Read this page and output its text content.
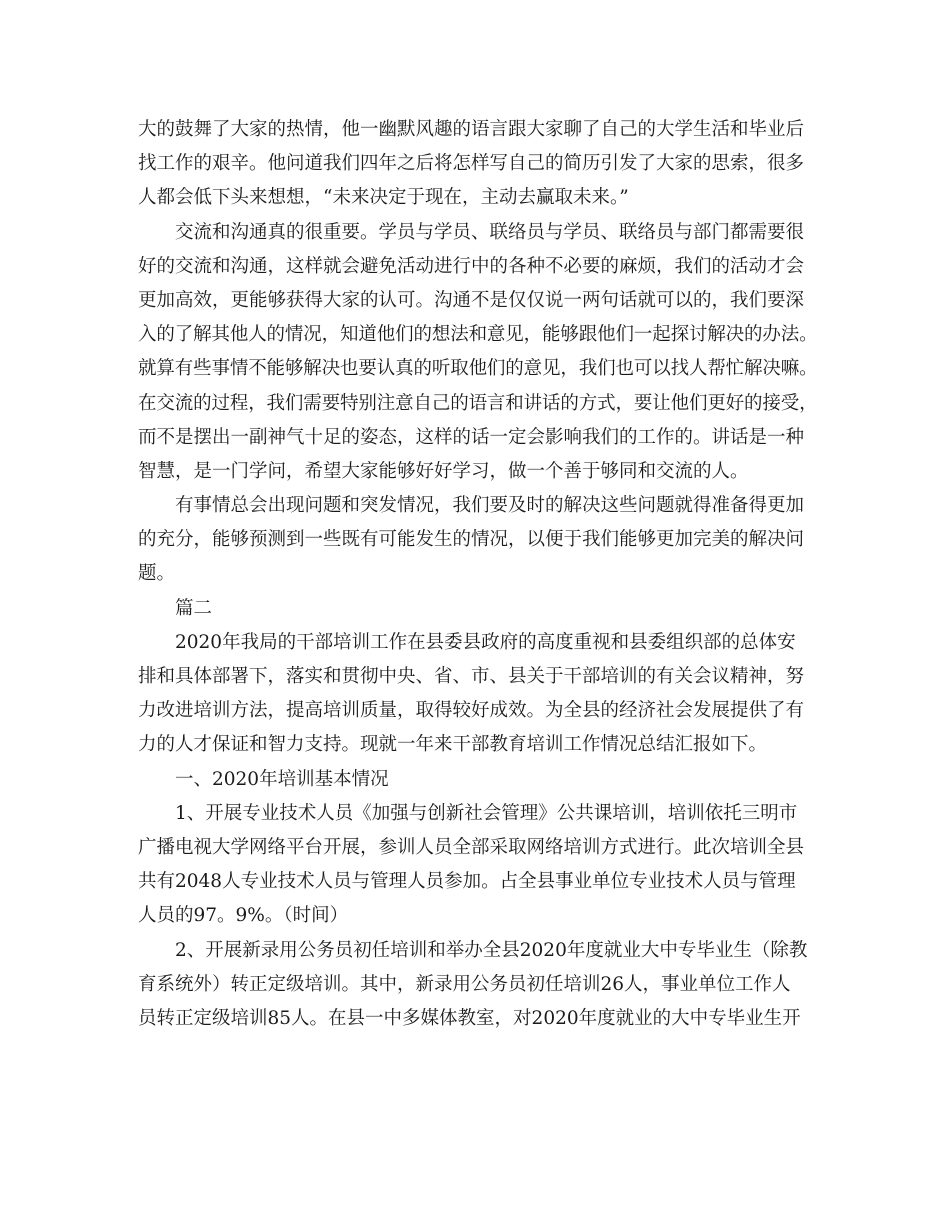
大的鼓舞了大家的热情，他一幽默风趣的语言跟大家聊了自己的大学生活和毕业后
找工作的艰辛。他问道我们四年之后将怎样写自己的简历引发了大家的思索，很多
人都会低下头来想想，“未来决定于现在，主动去赢取未来。”
交流和沟通真的很重要。学员与学员、联络员与学员、联络员与部门都需要很
好的交流和沟通，这样就会避免活动进行中的各种不必要的麻烦，我们的活动才会
更加高效，更能够获得大家的认可。沟通不是仅仅说一两句话就可以的，我们要深
入的了解其他人的情况，知道他们的想法和意见，能够跟他们一起探讨解决的办法。
就算有些事情不能够解决也要认真的听取他们的意见，我们也可以找人帮忙解决嘛。
在交流的过程，我们需要特别注意自己的语言和讲话的方式，要让他们更好的接受，
而不是摆出一副神气十足的姿态，这样的话一定会影响我们的工作的。讲话是一种
智慧，是一门学问，希望大家能够好好学习，做一个善于够同和交流的人。
有事情总会出现问题和突发情况，我们要及时的解决这些问题就得准备得更加
的充分，能够预测到一些既有可能发生的情况，以便于我们能够更加完美的解决问
题。
篇二
2020年我局的干部培训工作在县委县政府的高度重视和县委组织部的总体安
排和具体部署下，落实和贯彻中央、省、市、县关于干部培训的有关会议精神，努
力改进培训方法，提高培训质量，取得较好成效。为全县的经济社会发展提供了有
力的人才保证和智力支持。现就一年来干部教育培训工作情况总结汇报如下。
一、2020年培训基本情况
1、开展专业技术人员《加强与创新社会管理》公共课培训，培训依托三明市
广播电视大学网络平台开展，参训人员全部采取网络培训方式进行。此次培训全县
共有2048人专业技术人员与管理人员参加。占全县事业单位专业技术人员与管理
人员的97。9%。（时间）
2、开展新录用公务员初任培训和举办全县2020年度就业大中专毕业生（除教
育系统外）转正定级培训。其中，新录用公务员初任培训26人，事业单位工作人
员转正定级培训85人。在县一中多媒体教室，对2020年度就业的大中专毕业生开
